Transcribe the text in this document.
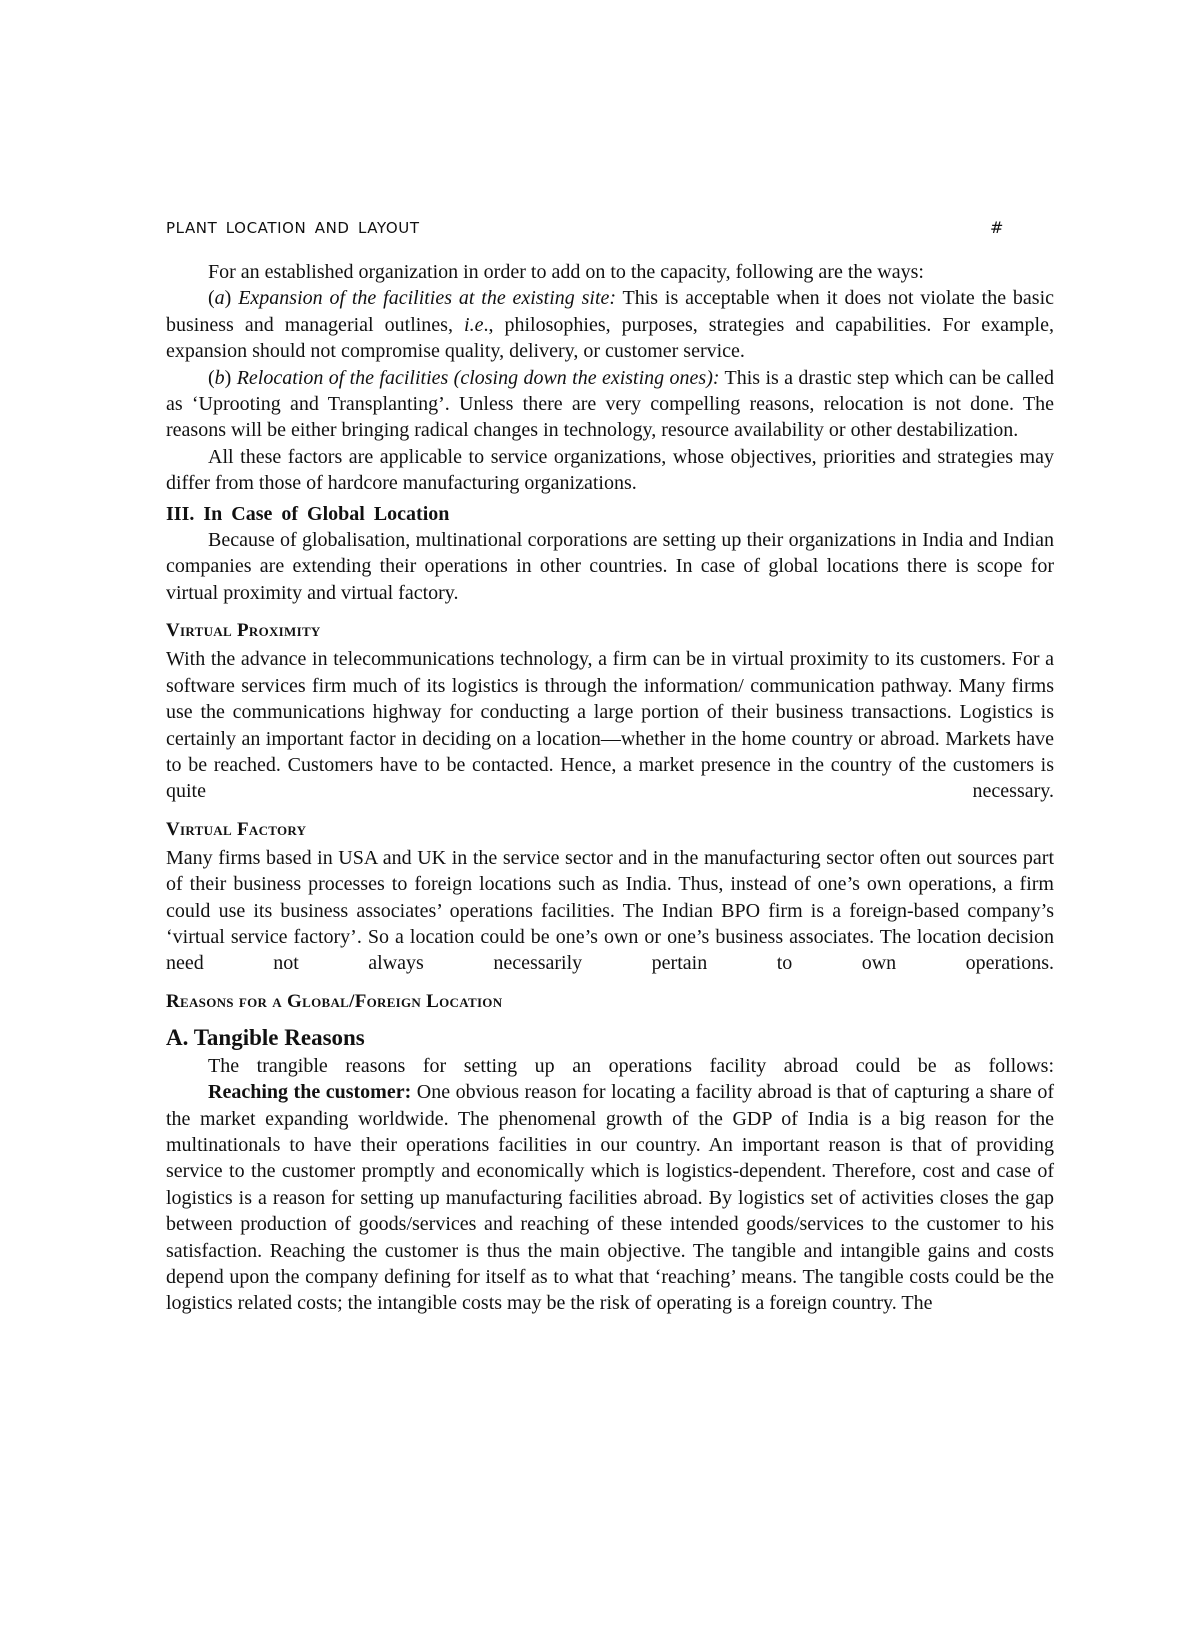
PLANT LOCATION AND LAYOUT	#

For an established organization in order to add on to the capacity, following are the ways:

(a) Expansion of the facilities at the existing site: This is acceptable when it does not violate the basic business and managerial outlines, i.e., philosophies, purposes, strategies and capabilities. For example, expansion should not compromise quality, delivery, or customer service.

(b) Relocation of the facilities (closing down the existing ones): This is a drastic step which can be called as ‘Uprooting and Transplanting’. Unless there are very compelling reasons, relocation is not done. The reasons will be either bringing radical changes in technology, resource availability or other destabilization.

All these factors are applicable to service organizations, whose objectives, priorities and strategies may differ from those of hardcore manufacturing organizations.

III. In Case of Global Location

Because of globalisation, multinational corporations are setting up their organizations in India and Indian companies are extending their operations in other countries. In case of global locations there is scope for virtual proximity and virtual factory.

Virtual Proximity

With the advance in telecommunications technology, a firm can be in virtual proximity to its customers. For a software services firm much of its logistics is through the information/ communication pathway. Many firms use the communications highway for conducting a large portion of their business transactions. Logistics is certainly an important factor in deciding on a location—whether in the home country or abroad. Markets have to be reached. Customers have to be contacted. Hence, a market presence in the country of the customers is quite necessary.

Virtual Factory

Many firms based in USA and UK in the service sector and in the manufacturing sector often out sources part of their business processes to foreign locations such as India. Thus, instead of one’s own operations, a firm could use its business associates’ operations facilities. The Indian BPO firm is a foreign-based company’s ‘virtual service factory’. So a location could be one’s own or one’s business associates. The location decision need not always necessarily pertain to own operations.

Reasons for a Global/Foreign Location
A. Tangible Reasons

The trangible reasons for setting up an operations facility abroad could be as follows:

Reaching the customer: One obvious reason for locating a facility abroad is that of capturing a share of the market expanding worldwide. The phenomenal growth of the GDP of India is a big reason for the multinationals to have their operations facilities in our country. An important reason is that of providing service to the customer promptly and economically which is logistics-dependent. Therefore, cost and case of logistics is a reason for setting up manufacturing facilities abroad. By logistics set of activities closes the gap between production of goods/services and reaching of these intended goods/services to the customer to his satisfaction. Reaching the customer is thus the main objective. The tangible and intangible gains and costs depend upon the company defining for itself as to what that ‘reaching’ means. The tangible costs could be the logistics related costs; the intangible costs may be the risk of operating is a foreign country. The
